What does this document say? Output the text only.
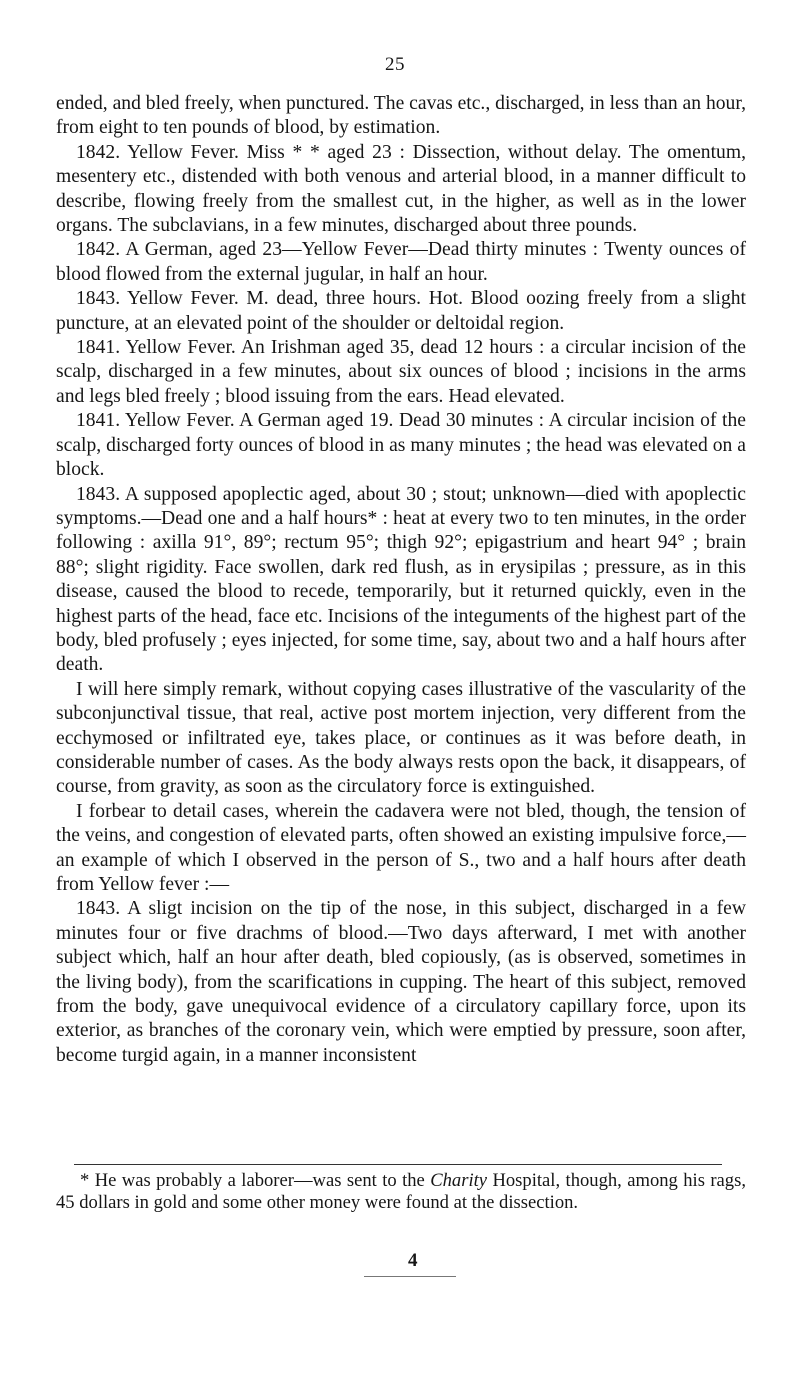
25

ended, and bled freely, when punctured. The cavas etc., discharged, in less than an hour, from eight to ten pounds of blood, by estimation.

1842. Yellow Fever. Miss * * aged 23 : Dissection, without delay. The omentum, mesentery etc., distended with both venous and arterial blood, in a manner difficult to describe, flowing freely from the smallest cut, in the higher, as well as in the lower organs. The subclavians, in a few minutes, discharged about three pounds.

1842. A German, aged 23—Yellow Fever—Dead thirty minutes : Twenty ounces of blood flowed from the external jugular, in half an hour.

1843. Yellow Fever. M. dead, three hours. Hot. Blood oozing freely from a slight puncture, at an elevated point of the shoulder or deltoidal region.

1841. Yellow Fever. An Irishman aged 35, dead 12 hours : a circular incision of the scalp, discharged in a few minutes, about six ounces of blood ; incisions in the arms and legs bled freely ; blood issuing from the ears. Head elevated.

1841. Yellow Fever. A German aged 19. Dead 30 minutes : A circular incision of the scalp, discharged forty ounces of blood in as many minutes ; the head was elevated on a block.

1843. A supposed apoplectic aged, about 30 ; stout; unknown—died with apoplectic symptoms.—Dead one and a half hours* : heat at every two to ten minutes, in the order following : axilla 91°, 89°; rectum 95°; thigh 92°; epigastrium and heart 94° ; brain 88°; slight rigidity. Face swollen, dark red flush, as in erysipilas ; pressure, as in this disease, caused the blood to recede, temporarily, but it returned quickly, even in the highest parts of the head, face etc. Incisions of the integuments of the highest part of the body, bled profusely ; eyes injected, for some time, say, about two and a half hours after death.

I will here simply remark, without copying cases illustrative of the vascularity of the subconjunctival tissue, that real, active post mortem injection, very different from the ecchymosed or infiltrated eye, takes place, or continues as it was before death, in considerable number of cases. As the body always rests opon the back, it disappears, of course, from gravity, as soon as the circulatory force is extinguished.

I forbear to detail cases, wherein the cadavera were not bled, though, the tension of the veins, and congestion of elevated parts, often showed an existing impulsive force,—an example of which I observed in the person of S., two and a half hours after death from Yellow fever :—

1843. A sligt incision on the tip of the nose, in this subject, discharged in a few minutes four or five drachms of blood.—Two days afterward, I met with another subject which, half an hour after death, bled copiously, (as is observed, sometimes in the living body), from the scarifications in cupping. The heart of this subject, removed from the body, gave unequivocal evidence of a circulatory capillary force, upon its exterior, as branches of the coronary vein, which were emptied by pressure, soon after, become turgid again, in a manner inconsistent

* He was probably a laborer—was sent to the Charity Hospital, though, among his rags, 45 dollars in gold and some other money were found at the dissection.
4
